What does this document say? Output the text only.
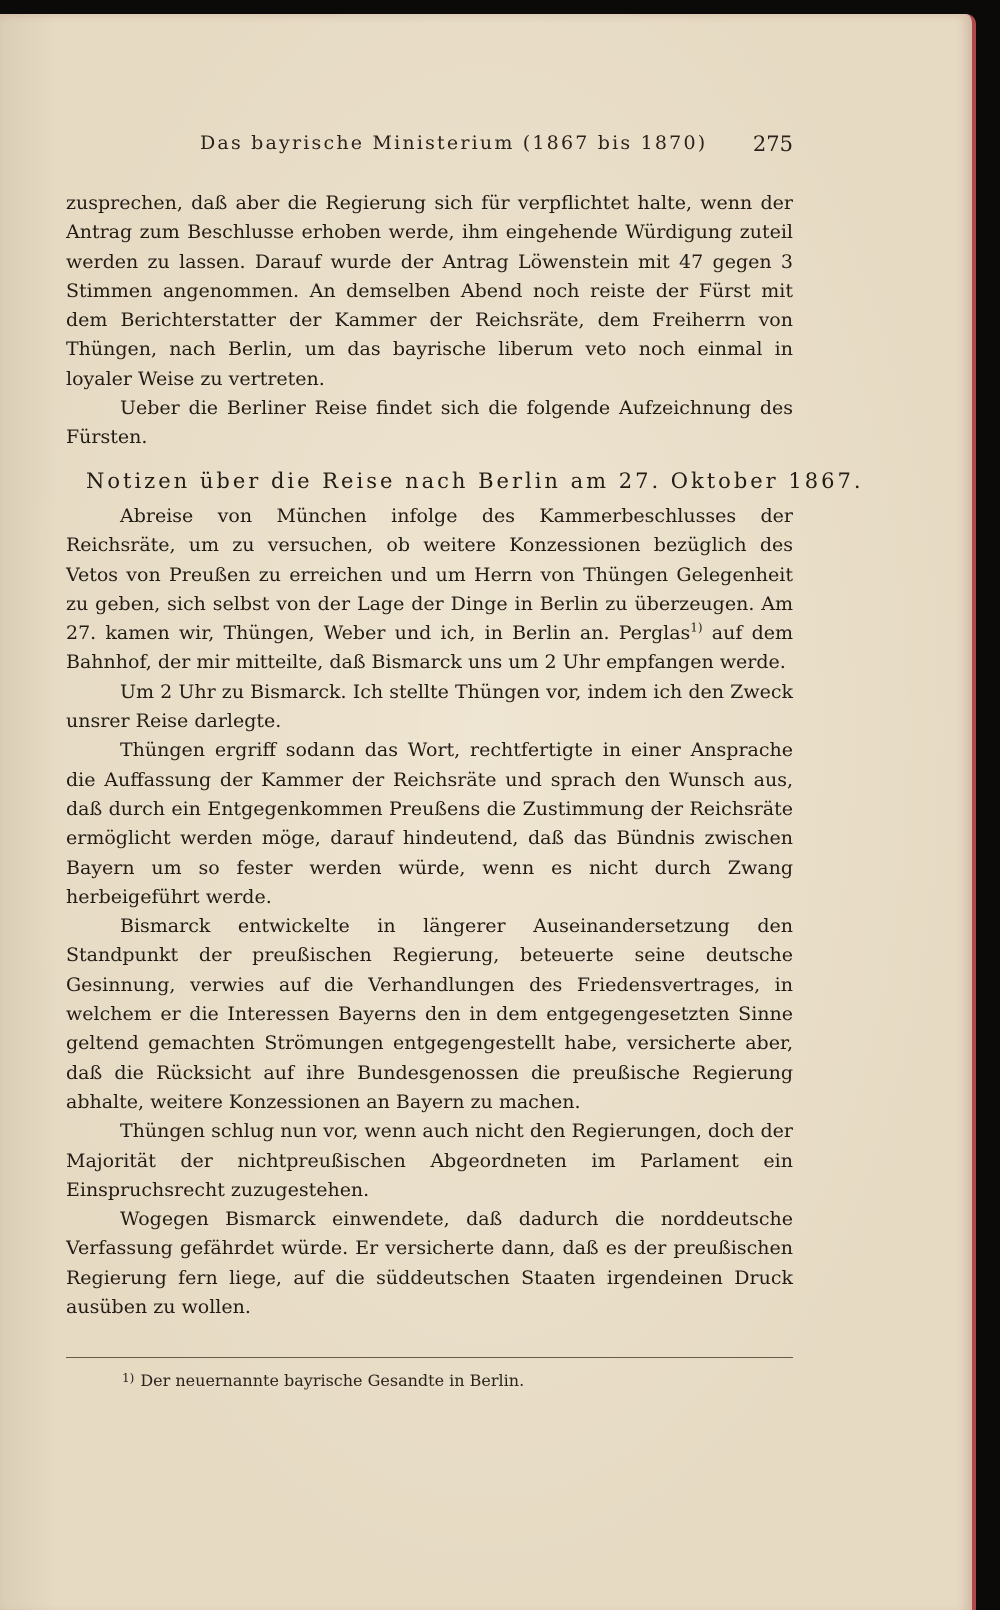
Das bayrische Ministerium (1867 bis 1870) 275

zusprechen, daß aber die Regierung sich für verpflichtet halte, wenn der Antrag zum Beschlusse erhoben werde, ihm eingehende Würdigung zuteil werden zu lassen. Darauf wurde der Antrag Löwenstein mit 47 gegen 3 Stimmen angenommen. An demselben Abend noch reiste der Fürst mit dem Berichterstatter der Kammer der Reichsräte, dem Freiherrn von Thüngen, nach Berlin, um das bayrische liberum veto noch einmal in loyaler Weise zu vertreten.

Ueber die Berliner Reise findet sich die folgende Aufzeichnung des Fürsten.

Notizen über die Reise nach Berlin am 27. Oktober 1867.

Abreise von München infolge des Kammerbeschlusses der Reichsräte, um zu versuchen, ob weitere Konzessionen bezüglich des Vetos von Preußen zu erreichen und um Herrn von Thüngen Gelegenheit zu geben, sich selbst von der Lage der Dinge in Berlin zu überzeugen. Am 27. kamen wir, Thüngen, Weber und ich, in Berlin an. Perglas$^{1)}$ auf dem Bahnhof, der mir mitteilte, daß Bismarck uns um 2 Uhr empfangen werde.

Um 2 Uhr zu Bismarck. Ich stellte Thüngen vor, indem ich den Zweck unsrer Reise darlegte.

Thüngen ergriff sodann das Wort, rechtfertigte in einer Ansprache die Auffassung der Kammer der Reichsräte und sprach den Wunsch aus, daß durch ein Entgegenkommen Preußens die Zustimmung der Reichsräte ermöglicht werden möge, darauf hindeutend, daß das Bündnis zwischen Bayern um so fester werden würde, wenn es nicht durch Zwang herbeigeführt werde.

Bismarck entwickelte in längerer Auseinandersetzung den Standpunkt der preußischen Regierung, beteuerte seine deutsche Gesinnung, verwies auf die Verhandlungen des Friedensvertrages, in welchem er die Interessen Bayerns den in dem entgegengesetzten Sinne geltend gemachten Strömungen entgegengestellt habe, versicherte aber, daß die Rücksicht auf ihre Bundesgenossen die preußische Regierung abhalte, weitere Konzessionen an Bayern zu machen.

Thüngen schlug nun vor, wenn auch nicht den Regierungen, doch der Majorität der nichtpreußischen Abgeordneten im Parlament ein Einspruchsrecht zuzugestehen.

Wogegen Bismarck einwendete, daß dadurch die norddeutsche Verfassung gefährdet würde. Er versicherte dann, daß es der preußischen Regierung fern liege, auf die süddeutschen Staaten irgendeinen Druck ausüben zu wollen.

$^{1)}$ Der neuernannte bayrische Gesandte in Berlin.
